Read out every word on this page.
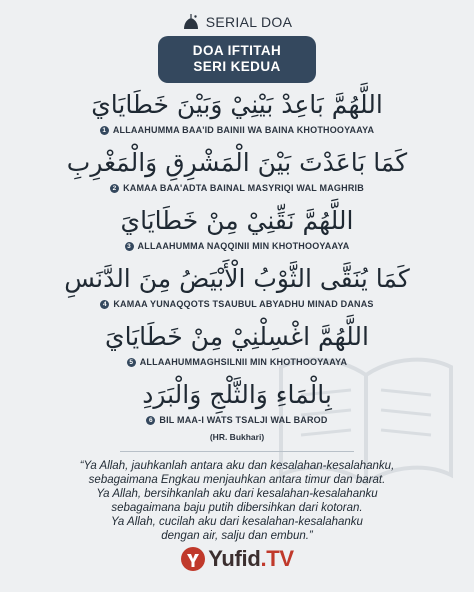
SERIAL DOA
DOA IFTITAH
SERI KEDUA
اللَّهُمَّ بَاعِدْ بَيْنِيْ وَبَيْنَ خَطَايَايَ
1 ALLAAHUMMA BAA'ID BAINII WA BAINA KHOTHOOYAAYA
كَمَا بَاعَدْتَ بَيْنَ الْمَشْرِقِ وَالْمَغْرِبِ
2 KAMAA BAA'ADTA BAINAL MASYRIQI WAL MAGHRIB
اللَّهُمَّ نَقِّنِيْ مِنْ خَطَايَايَ
3 ALLAAHUMMA NAQQINII MIN KHOTHOOYAAYA
كَمَا يُنَقَّى الثَّوْبُ الْأَبْيَضُ مِنَ الدَّنَسِ
4 KAMAA YUNAQQOTS TSAUBUL ABYADHU MINAD DANAS
اللَّهُمَّ اغْسِلْنِيْ مِنْ خَطَايَايَ
5 ALLAAHUMMAGHSILNII MIN KHOTHOOYAAYA
بِالْمَاءِ وَالثَّلْجِ وَالْبَرَدِ
6 BIL MAA-I WATS TSALJI WAL BAROD
(HR. Bukhari)
“Ya Allah, jauhkanlah antara aku dan kesalahan-kesalahanku,
sebagaimana Engkau menjauhkan antara timur dan barat.
Ya Allah, bersihkanlah aku dari kesalahan-kesalahanku
sebagaimana baju putih dibersihkan dari kotoran.
Ya Allah, cucilah aku dari kesalahan-kesalahanku
dengan air, salju dan embun.”
Yufid.TV
